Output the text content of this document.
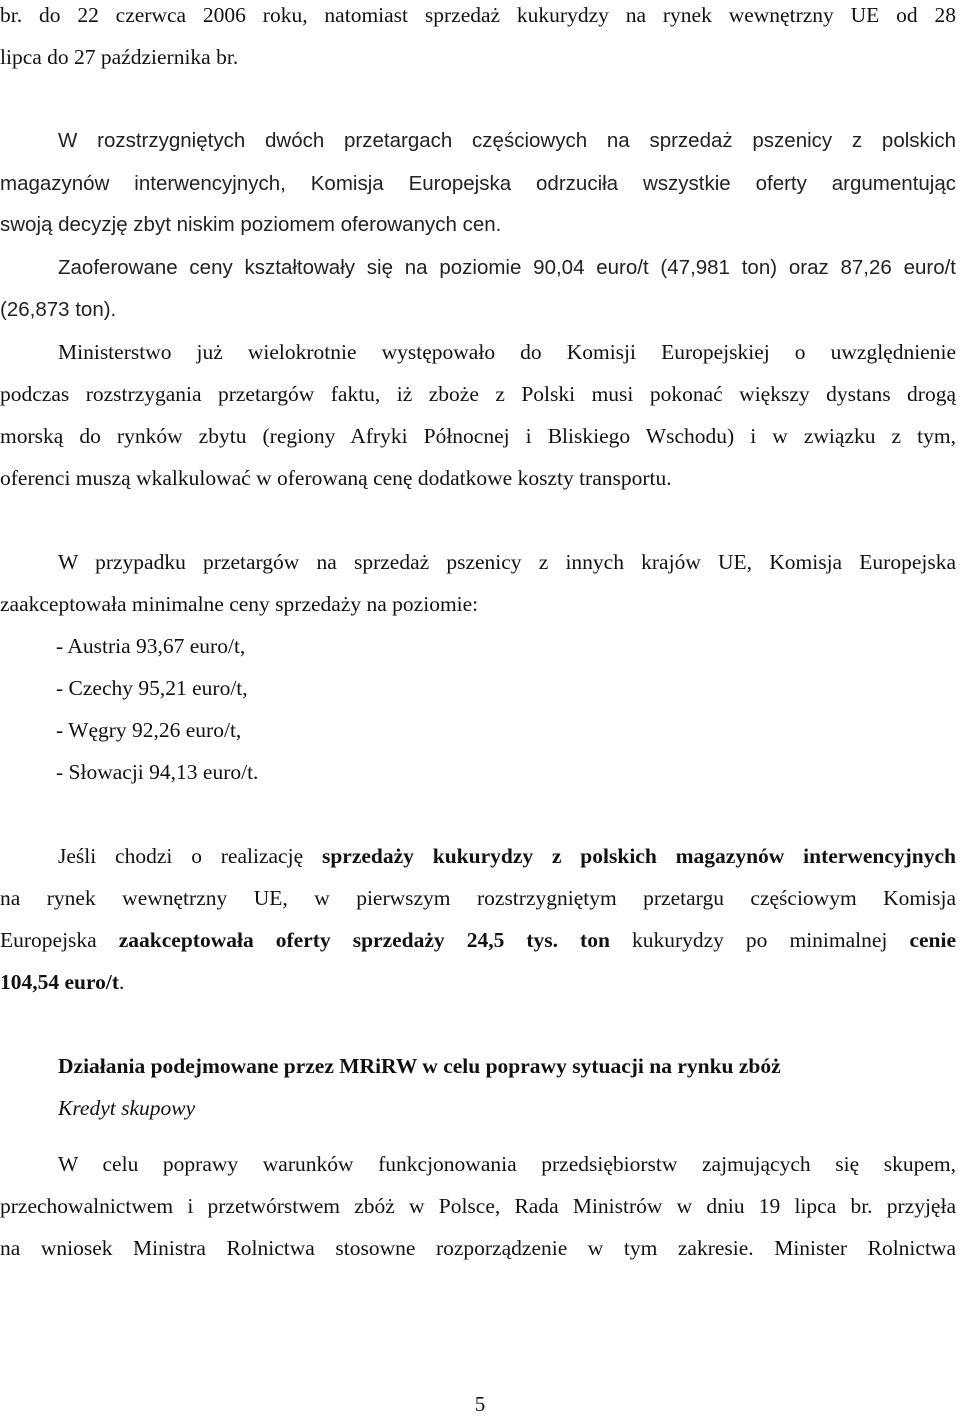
br. do 22 czerwca 2006 roku, natomiast sprzedaż kukurydzy na rynek wewnętrzny UE od 28
lipca do 27 października br.
W rozstrzygniętych dwóch przetargach częściowych na sprzedaż pszenicy z polskich
magazynów interwencyjnych, Komisja Europejska odrzuciła wszystkie oferty argumentując
swoją decyzję zbyt niskim poziomem oferowanych cen.
Zaoferowane ceny kształtowały się na poziomie 90,04 euro/t (47,981 ton) oraz 87,26 euro/t
(26,873 ton).
Ministerstwo już wielokrotnie występowało do Komisji Europejskiej o uwzględnienie
podczas rozstrzygania przetargów faktu, iż zboże z Polski musi pokonać większy dystans drogą
morską do rynków zbytu (regiony Afryki Północnej i Bliskiego Wschodu) i w związku z tym,
oferenci muszą wkalkulować w oferowaną cenę dodatkowe koszty transportu.
W przypadku przetargów na sprzedaż pszenicy z innych krajów UE, Komisja Europejska
zaakceptowała minimalne ceny sprzedaży na poziomie:
- Austria 93,67 euro/t,
- Czechy 95,21 euro/t,
- Węgry 92,26 euro/t,
- Słowacji 94,13 euro/t.
Jeśli chodzi o realizację sprzedaży kukurydzy z polskich magazynów interwencyjnych
na rynek wewnętrzny UE, w pierwszym rozstrzygniętym przetargu częściowym Komisja
Europejska zaakceptowała oferty sprzedaży 24,5 tys. ton kukurydzy po minimalnej cenie
104,54 euro/t.
Działania podejmowane przez MRiRW w celu poprawy sytuacji na rynku zbóż
Kredyt skupowy
W celu poprawy warunków funkcjonowania przedsiębiorstw zajmujących się skupem,
przechowalnictwem i przetwórstwem zbóż w Polsce, Rada Ministrów w dniu 19 lipca br. przyjęła
na wniosek Ministra Rolnictwa stosowne rozporządzenie w tym zakresie. Minister Rolnictwa
5
